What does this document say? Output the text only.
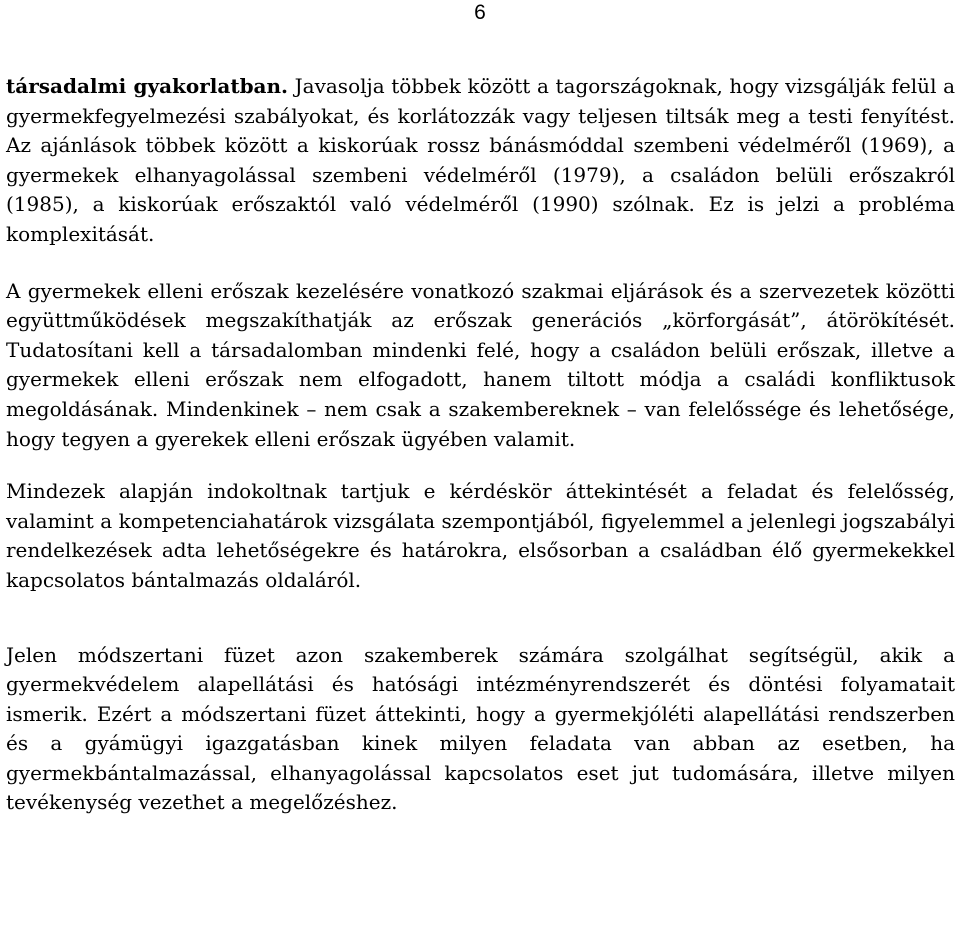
6

társadalmi gyakorlatban. Javasolja többek között a tagországoknak, hogy vizsgálják felül a gyermekfegyelmezési szabályokat, és korlátozzák vagy teljesen tiltsák meg a testi fenyítést. Az ajánlások többek között a kiskorúak rossz bánásmóddal szembeni védelméről (1969), a gyermekek elhanyagolással szembeni védelméről (1979), a családon belüli erőszakról (1985), a kiskorúak erőszaktól való védelméről (1990) szólnak. Ez is jelzi a probléma komplexitását.

A gyermekek elleni erőszak kezelésére vonatkozó szakmai eljárások és a szervezetek közötti együttműködések megszakíthatják az erőszak generációs „körforgását”, átörökítését. Tudatosítani kell a társadalomban mindenki felé, hogy a családon belüli erőszak, illetve a gyermekek elleni erőszak nem elfogadott, hanem tiltott módja a családi konfliktusok megoldásának. Mindenkinek – nem csak a szakembereknek – van felelőssége és lehetősége, hogy tegyen a gyerekek elleni erőszak ügyében valamit.

Mindezek alapján indokoltnak tartjuk e kérdéskör áttekintését a feladat és felelősség, valamint a kompetenciahatárok vizsgálata szempontjából, figyelemmel a jelenlegi jogszabályi rendelkezések adta lehetőségekre és határokra, elsősorban a családban élő gyermekekkel kapcsolatos bántalmazás oldaláról.

Jelen módszertani füzet azon szakemberek számára szolgálhat segítségül, akik a gyermekvédelem alapellátási és hatósági intézményrendszerét és döntési folyamatait ismerik. Ezért a módszertani füzet áttekinti, hogy a gyermekjóléti alapellátási rendszerben és a gyámügyi igazgatásban kinek milyen feladata van abban az esetben, ha gyermekbántalmazással, elhanyagolással kapcsolatos eset jut tudomására, illetve milyen tevékenység vezethet a megelőzéshez.
